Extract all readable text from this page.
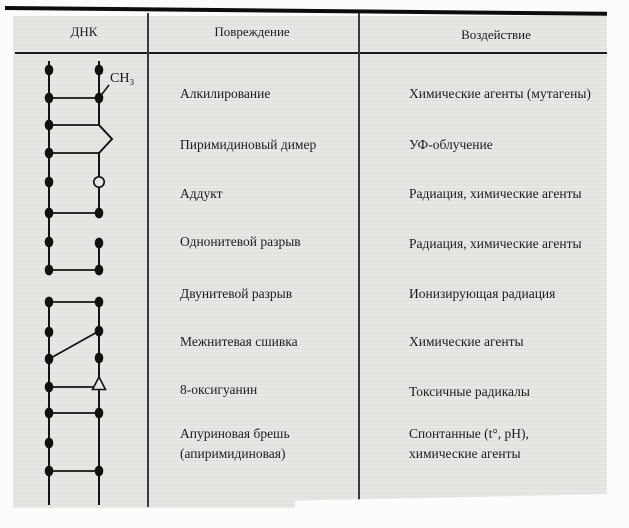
ДНК	Повреждение	Воздействие
CH₃
Алкилирование
Пиримидиновый димер
Аддукт
Однонитевой разрыв
Двунитевой разрыв
Межнитевая сшивка
8-оксигуанин
Апуриновая брешь (апиримидиновая)
Химические агенты (мутагены)
УФ-облучение
Радиация, химические агенты
Радиация, химические агенты
Ионизирующая радиация
Химические агенты
Токсичные радикалы
Спонтанные (t°, pH), химические агенты
